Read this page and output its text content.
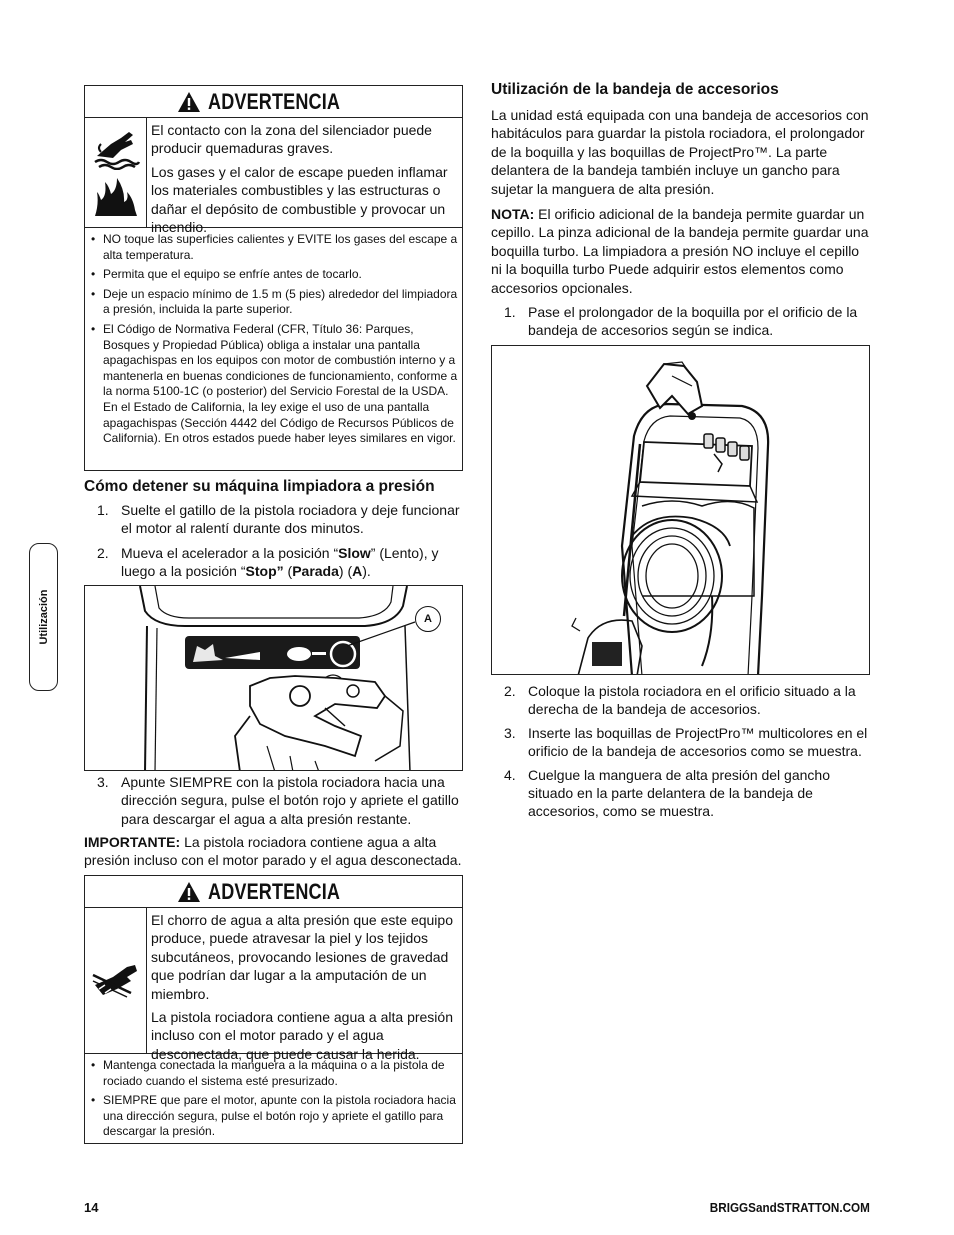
Utilización
ADVERTENCIA

El contacto con la zona del silenciador puede producir quemaduras graves.

Los gases y el calor de escape pueden inflamar los materiales combustibles y las estructuras o dañar el depósito de combustible y provocar un incendio.

• NO toque las superficies calientes y EVITE los gases del escape a alta temperatura.
• Permita que el equipo se enfríe antes de tocarlo.
• Deje un espacio mínimo de 1.5 m (5 pies) alrededor del limpiadora a presión, incluida la parte superior.
• El Código de Normativa Federal (CFR, Título 36: Parques, Bosques y Propiedad Pública) obliga a instalar una pantalla apagachispas en los equipos con motor de combustión interno y a mantenerla en buenas condiciones de funcionamiento, conforme a la norma 5100-1C (o posterior) del Servicio Forestal de la USDA. En el Estado de California, la ley exige el uso de una pantalla apagachispas (Sección 4442 del Código de Recursos Públicos de California). En otros estados puede haber leyes similares en vigor.
Cómo detener su máquina limpiadora a presión
1. Suelte el gatillo de la pistola rociadora y deje funcionar el motor al ralentí durante dos minutos.
2. Mueva el acelerador a la posición “Slow” (Lento), y luego a la posición “Stop” (Parada) (A).
A
3. Apunte SIEMPRE con la pistola rociadora hacia una dirección segura, pulse el botón rojo y apriete el gatillo para descargar el agua a alta presión restante.

IMPORTANTE: La pistola rociadora contiene agua a alta presión incluso con el motor parado y el agua desconectada.

ADVERTENCIA

El chorro de agua a alta presión que este equipo produce, puede atravesar la piel y los tejidos subcutáneos, provocando lesiones de gravedad que podrían dar lugar a la amputación de un miembro.

La pistola rociadora contiene agua a alta presión incluso con el motor parado y el agua desconectada, que puede causar la herida.

• Mantenga conectada la manguera a la máquina o a la pistola de rociado cuando el sistema esté presurizado.
• SIEMPRE que pare el motor, apunte con la pistola rociadora hacia una dirección segura, pulse el botón rojo y apriete el gatillo para descargar la presión.
Utilización de la bandeja de accesorios

La unidad está equipada con una bandeja de accesorios con habitáculos para guardar la pistola rociadora, el prolongador de la boquilla y las boquillas de ProjectPro™. La parte delantera de la bandeja también incluye un gancho para sujetar la manguera de alta presión.

NOTA: El orificio adicional de la bandeja permite guardar un cepillo. La pinza adicional de la bandeja permite guardar una boquilla turbo. La limpiadora a presión NO incluye el cepillo ni la boquilla turbo Puede adquirir estos elementos como accesorios opcionales.

1. Pase el prolongador de la boquilla por el orificio de la bandeja de accesorios según se indica.
2. Coloque la pistola rociadora en el orificio situado a la derecha de la bandeja de accesorios.
3. Inserte las boquillas de ProjectPro™ multicolores en el orificio de la bandeja de accesorios como se muestra.
4. Cuelgue la manguera de alta presión del gancho situado en la parte delantera de la bandeja de accesorios, como se muestra.
14	BRIGGSandSTRATTON.COM
